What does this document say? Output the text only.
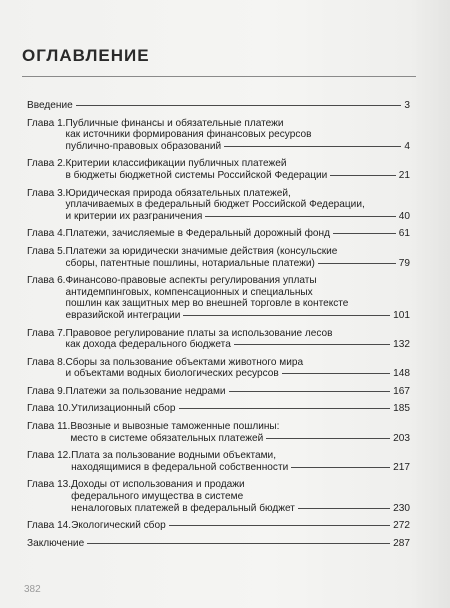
ОГЛАВЛЕНИЕ
Введение	3
Глава 1. Публичные финансы и обязательные платежи
как источники формирования финансовых ресурсов
публично-правовых образований	4
Глава 2. Критерии классификации публичных платежей
в бюджеты бюджетной системы Российской Федерации	21
Глава 3. Юридическая природа обязательных платежей,
уплачиваемых в федеральный бюджет Российской Федерации,
и критерии их разграничения	40
Глава 4. Платежи, зачисляемые в Федеральный дорожный фонд	61
Глава 5. Платежи за юридически значимые действия (консульские
сборы, патентные пошлины, нотариальные платежи)	79
Глава 6. Финансово-правовые аспекты регулирования уплаты
антидемпинговых, компенсационных и специальных
пошлин как защитных мер во внешней торговле в контексте
евразийской интеграции	101
Глава 7. Правовое регулирование платы за использование лесов
как дохода федерального бюджета	132
Глава 8. Сборы за пользование объектами животного мира
и объектами водных биологических ресурсов	148
Глава 9. Платежи за пользование недрами	167
Глава 10. Утилизационный сбор	185
Глава 11. Ввозные и вывозные таможенные пошлины:
место в системе обязательных платежей	203
Глава 12. Плата за пользование водными объектами,
находящимися в федеральной собственности	217
Глава 13. Доходы от использования и продажи
федерального имущества в системе
неналоговых платежей в федеральный бюджет	230
Глава 14. Экологический сбор	272
Заключение	287
382
